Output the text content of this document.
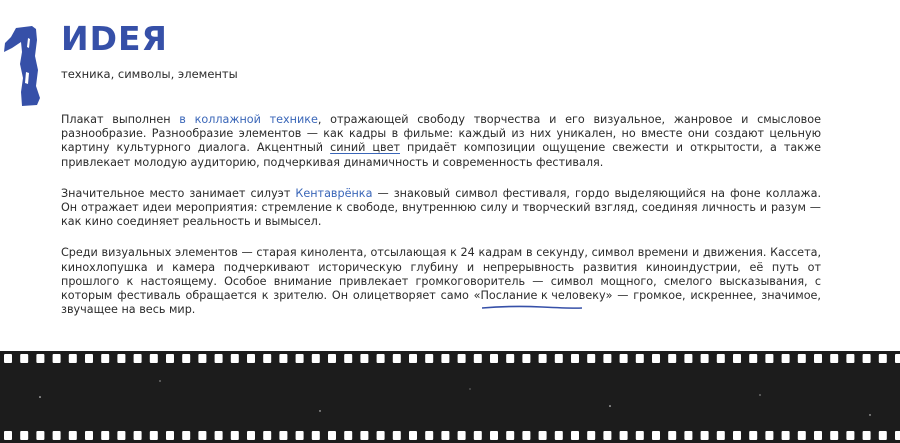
ИDEЯ
техника, символы, элементы

Плакат выполнен в коллажной технике, отражающей свободу творчества и его визуальное, жанровое и смысловое разнообразие. Разнообразие элементов — как кадры в фильме: каждый из них уникален, но вместе они создают цельную картину культурного диалога. Акцентный синий цвет придаёт композиции ощущение свежести и открытости, а также привлекает молодую аудиторию, подчеркивая динамичность и современность фестиваля.

Значительное место занимает силуэт Кентаврёнка — знаковый символ фестиваля, гордо выделяющийся на фоне коллажа. Он отражает идеи мероприятия: стремление к свободе, внутреннюю силу и творческий взгляд, соединяя личность и разум — как кино соединяет реальность и вымысел.

Среди визуальных элементов — старая кинолента, отсылающая к 24 кадрам в секунду, символ времени и движения. Кассета, кинохлопушка и камера подчеркивают историческую глубину и непрерывность развития киноиндустрии, её путь от прошлого к настоящему. Особое внимание привлекает громкоговоритель — символ мощного, смелого высказывания, с которым фестиваль обращается к зрителю. Он олицетворяет само «Послание к человеку»
— громкое, искреннее, значимое, звучащее на весь мир.
